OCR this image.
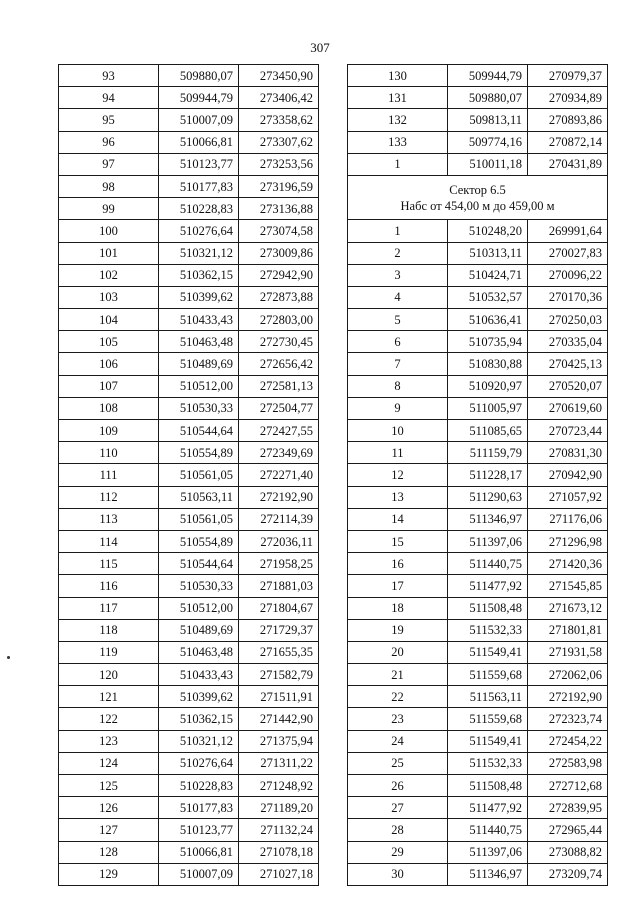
307
93	509880,07	273450,90
94	509944,79	273406,42
95	510007,09	273358,62
96	510066,81	273307,62
97	510123,77	273253,56
98	510177,83	273196,59
99	510228,83	273136,88
100	510276,64	273074,58
101	510321,12	273009,86
102	510362,15	272942,90
103	510399,62	272873,88
104	510433,43	272803,00
105	510463,48	272730,45
106	510489,69	272656,42
107	510512,00	272581,13
108	510530,33	272504,77
109	510544,64	272427,55
110	510554,89	272349,69
111	510561,05	272271,40
112	510563,11	272192,90
113	510561,05	272114,39
114	510554,89	272036,11
115	510544,64	271958,25
116	510530,33	271881,03
117	510512,00	271804,67
118	510489,69	271729,37
119	510463,48	271655,35
120	510433,43	271582,79
121	510399,62	271511,91
122	510362,15	271442,90
123	510321,12	271375,94
124	510276,64	271311,22
125	510228,83	271248,92
126	510177,83	271189,20
127	510123,77	271132,24
128	510066,81	271078,18
129	510007,09	271027,18
130	509944,79	270979,37
131	509880,07	270934,89
132	509813,11	270893,86
133	509774,16	270872,14
1	510011,18	270431,89

Сектор 6.5
Набс от 454,00 м до 459,00 м		

1	510248,20	269991,64
2	510313,11	270027,83
3	510424,71	270096,22
4	510532,57	270170,36
5	510636,41	270250,03
6	510735,94	270335,04
7	510830,88	270425,13
8	510920,97	270520,07
9	511005,97	270619,60
10	511085,65	270723,44
11	511159,79	270831,30
12	511228,17	270942,90
13	511290,63	271057,92
14	511346,97	271176,06
15	511397,06	271296,98
16	511440,75	271420,36
17	511477,92	271545,85
18	511508,48	271673,12
19	511532,33	271801,81
20	511549,41	271931,58
21	511559,68	272062,06
22	511563,11	272192,90
23	511559,68	272323,74
24	511549,41	272454,22
25	511532,33	272583,98
26	511508,48	272712,68
27	511477,92	272839,95
28	511440,75	272965,44
29	511397,06	273088,82
30	511346,97	273209,74
